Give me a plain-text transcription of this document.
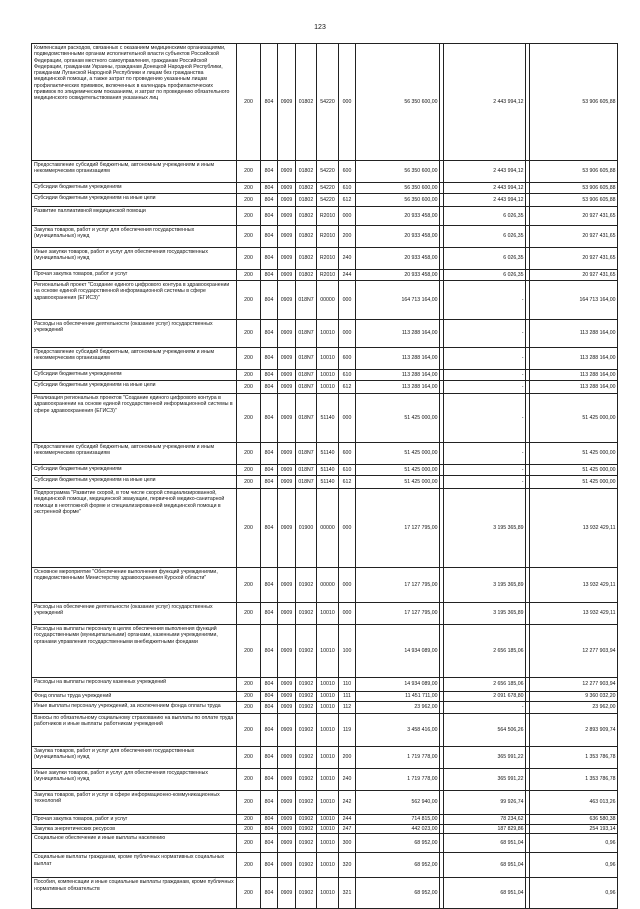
123
Компенсация расходов, связанных с оказанием медицинскими организациями, подведомственными органам исполнительной власти субъектов Российской Федерации, органам местного самоуправления, гражданам Российской Федерации, гражданам Украины, гражданам Донецкой Народной Республики, гражданам Луганской Народной Республики и лицам без гражданства медицинской помощи, а также затрат по проведению указанным лицам профилактических прививок, включенных в календарь профилактических прививок по эпидемическим показаниям, и затрат по проведению обязательного медицинского освидетельствования указанных лиц	200	804	0909	01802	54220	000	56 350 600,00		2 443 994,12		53 906 605,88
Предоставление субсидий бюджетным, автономным учреждениям и иным некоммерческим организациям	200	804	0909	01802	54220	600	56 350 600,00		2 443 994,12		53 906 605,88
Субсидии бюджетным учреждениям	200	804	0909	01802	54220	610	56 350 600,00		2 443 994,12		53 906 605,88
Субсидии бюджетным учреждениям на иные цели	200	804	0909	01802	54220	612	56 350 600,00		2 443 994,12		53 906 605,88
Развитие паллиативной медицинской помощи	200	804	0909	01802	R2010	000	20 933 458,00		6 026,35		20 927 431,65
Закупка товаров, работ и услуг для обеспечения государственных (муниципальных) нужд	200	804	0909	01802	R2010	200	20 933 458,00		6 026,35		20 927 431,65
Иные закупки товаров, работ и услуг для обеспечения государственных (муниципальных) нужд	200	804	0909	01802	R2010	240	20 933 458,00		6 026,35		20 927 431,65
Прочая закупка товаров, работ и услуг	200	804	0909	01802	R2010	244	20 933 458,00		6 026,35		20 927 431,65
Региональный проект "Создание единого цифрового контура в здравоохранении на основе единой государственной информационной системы в сфере здравоохранения (ЕГИСЗ)"	200	804	0909	018N7	00000	000	164 713 164,00		-		164 713 164,00
Расходы на обеспечение деятельности (оказание услуг) государственных учреждений	200	804	0909	018N7	10010	000	113 288 164,00		-		113 288 164,00
Предоставление субсидий бюджетным, автономным учреждениям и иным некоммерческим организациям	200	804	0909	018N7	10010	600	113 288 164,00		-		113 288 164,00
Субсидии бюджетным учреждениям	200	804	0909	018N7	10010	610	113 288 164,00		-		113 288 164,00
Субсидии бюджетным учреждениям на иные цели	200	804	0909	018N7	10010	612	113 288 164,00		-		113 288 164,00
Реализация региональных проектов "Создание единого цифрового контура в здравоохранении на основе единой государственной информационной системы в сфере здравоохранения (ЕГИСЗ)"	200	804	0909	018N7	51140	000	51 425 000,00		-		51 425 000,00
Предоставление субсидий бюджетным, автономным учреждениям и иным некоммерческим организациям	200	804	0909	018N7	51140	600	51 425 000,00		-		51 425 000,00
Субсидии бюджетным учреждениям	200	804	0909	018N7	51140	610	51 425 000,00		-		51 425 000,00
Субсидии бюджетным учреждениям на иные цели	200	804	0909	018N7	51140	612	51 425 000,00		-		51 425 000,00
Подпрограмма "Развитие скорой, в том числе скорой специализированной, медицинской помощи, медицинской эвакуации, первичной медико-санитарной помощи в неотложной форме и специализированной медицинской помощи в экстренной форме"	200	804	0909	01900	00000	000	17 127 795,00		3 195 365,89		13 932 429,11
Основное мероприятие "Обеспечение выполнения функций учреждениями, подведомственными Министерству здравоохранения Курской области"	200	804	0909	01902	00000	000	17 127 795,00		3 195 365,89		13 932 429,11
Расходы на обеспечение деятельности (оказание услуг) государственных учреждений	200	804	0909	01902	10010	000	17 127 795,00		3 195 365,89		13 932 429,11
Расходы на выплаты персоналу в целях обеспечения выполнения функций государственными (муниципальными) органами, казенными учреждениями, органами управления государственными внебюджетными фондами	200	804	0909	01902	10010	100	14 934 089,00		2 656 185,06		12 277 903,94
Расходы на выплаты персоналу казенных учреждений	200	804	0909	01902	10010	110	14 934 089,00		2 656 185,06		12 277 903,94
Фонд оплаты труда учреждений	200	804	0909	01902	10010	111	11 451 711,00		2 091 678,80		9 360 032,20
Иные выплаты персоналу учреждений, за исключением фонда оплаты труда	200	804	0909	01902	10010	112	23 962,00		-		23 962,00
Взносы по обязательному социальному страхованию на выплаты по оплате труда работников и иные выплаты работникам учреждений	200	804	0909	01902	10010	119	3 458 416,00		564 506,26		2 893 909,74
Закупка товаров, работ и услуг для обеспечения государственных (муниципальных) нужд	200	804	0909	01902	10010	200	1 719 778,00		365 991,22		1 353 786,78
Иные закупки товаров, работ и услуг для обеспечения государственных (муниципальных) нужд	200	804	0909	01902	10010	240	1 719 778,00		365 991,22		1 353 786,78
Закупка товаров, работ и услуг в сфере информационно-коммуникационных технологий	200	804	0909	01902	10010	242	562 940,00		99 926,74		463 013,26
Прочая закупка товаров, работ и услуг	200	804	0909	01902	10010	244	714 815,00		78 234,62		636 580,38
Закупка энергетических ресурсов	200	804	0909	01902	10010	247	442 023,00		187 829,86		254 193,14
Социальное обеспечение и иные выплаты населению	200	804	0909	01902	10010	300	68 952,00		68 951,04		0,96
Социальные выплаты гражданам, кроме публичных нормативных социальных выплат	200	804	0909	01902	10010	320	68 952,00		68 951,04		0,96
Пособия, компенсации и иные социальные выплаты гражданам, кроме публичных нормативных обязательств	200	804	0909	01902	10010	321	68 952,00		68 951,04		0,96
